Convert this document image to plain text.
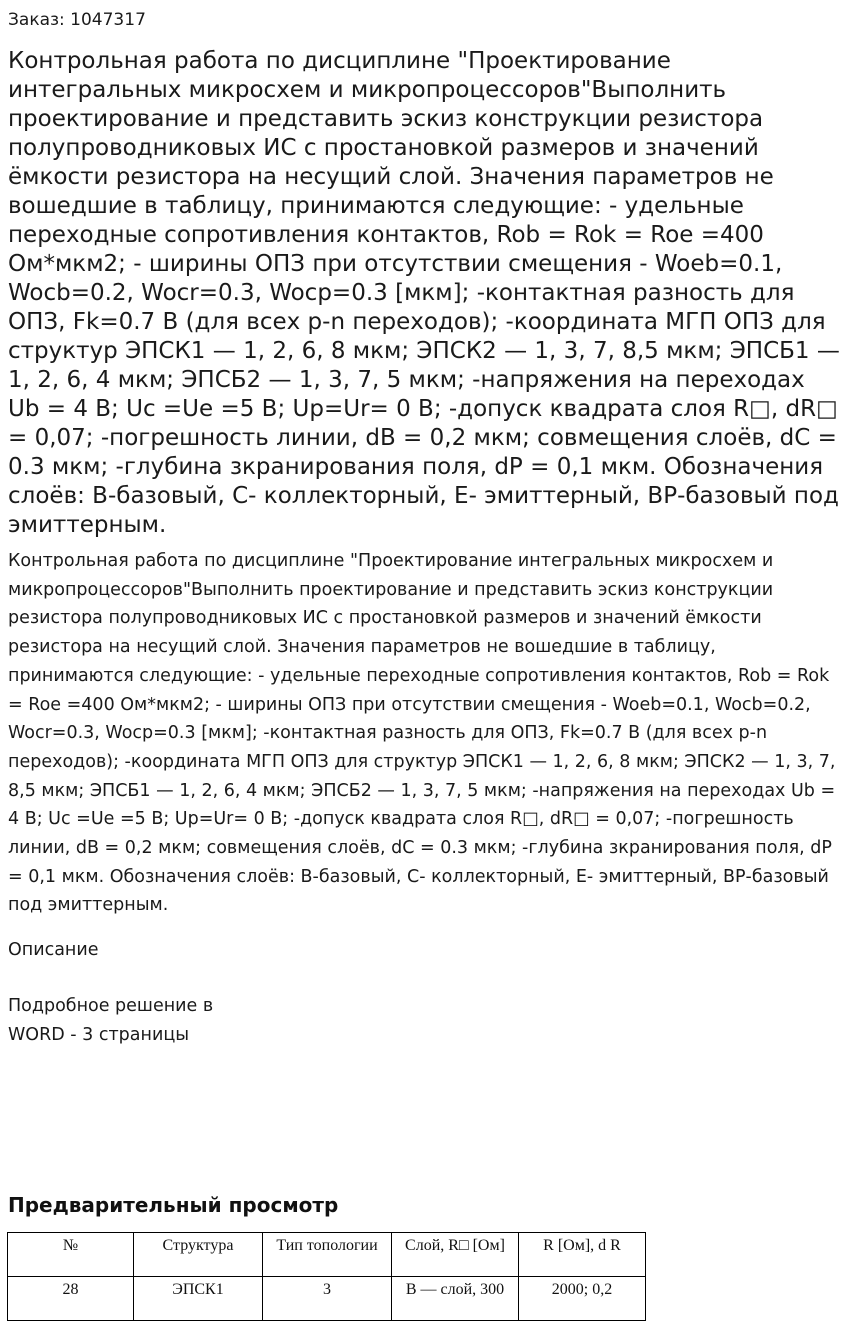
Заказ: 1047317
Контрольная работа по дисциплине "Проектирование интегральных микросхем и микропроцессоров"Выполнить проектирование и представить эскиз конструкции резистора полупроводниковых ИС с простановкой размеров и значений ёмкости резистора на несущий слой. Значения параметров не вошедшие в таблицу, принимаются следующие: - удельные переходные сопротивления контактов, Rob = Rok = Roe =400 Ом*мкм2; - ширины ОПЗ при отсутствии смещения - Woeb=0.1, Wocb=0.2, Wocr=0.3, Wocp=0.3 [мкм]; -контактная разность для ОПЗ, Fk=0.7 В (для всех p-n переходов); -координата МГП ОПЗ для структур ЭПСК1 — 1, 2, 6, 8 мкм; ЭПСК2 — 1, 3, 7, 8,5 мкм; ЭПСБ1 — 1, 2, 6, 4 мкм; ЭПСБ2 — 1, 3, 7, 5 мкм; -напряжения на переходах Ub = 4 В; Uc =Ue =5 В; Up=Ur= 0 В; -допуск квадрата слоя R□, dR□ = 0,07; -погрешность линии, dB = 0,2 мкм; совмещения слоёв, dC = 0.3 мкм; -глубина зкранирования поля, dP = 0,1 мкм. Обозначения слоёв: В-базовый, С- коллекторный, Е- эмиттерный, ВР-базовый под эмиттерным.
Контрольная работа по дисциплине "Проектирование интегральных микросхем и микропроцессоров"Выполнить проектирование и представить эскиз конструкции резистора полупроводниковых ИС с простановкой размеров и значений ёмкости резистора на несущий слой. Значения параметров не вошедшие в таблицу, принимаются следующие: - удельные переходные сопротивления контактов, Rob = Rok = Roe =400 Ом*мкм2; - ширины ОПЗ при отсутствии смещения - Woeb=0.1, Wocb=0.2, Wocr=0.3, Wocp=0.3 [мкм]; -контактная разность для ОПЗ, Fk=0.7 В (для всех p-n переходов); -координата МГП ОПЗ для структур ЭПСК1 — 1, 2, 6, 8 мкм; ЭПСК2 — 1, 3, 7, 8,5 мкм; ЭПСБ1 — 1, 2, 6, 4 мкм; ЭПСБ2 — 1, 3, 7, 5 мкм; -напряжения на переходах Ub = 4 В; Uc =Ue =5 В; Up=Ur= 0 В; -допуск квадрата слоя R□, dR□ = 0,07; -погрешность линии, dB = 0,2 мкм; совмещения слоёв, dC = 0.3 мкм; -глубина зкранирования поля, dP = 0,1 мкм. Обозначения слоёв: В-базовый, С- коллекторный, Е- эмиттерный, ВР-базовый под эмиттерным.
Описание
Подробное решение в
WORD - 3 страницы
Предварительный просмотр
№	Структура	Тип топологии	Слой, R□ [Ом]	R [Ом], d R
28	ЭПСК1	3	В — слой, 300	2000; 0,2
